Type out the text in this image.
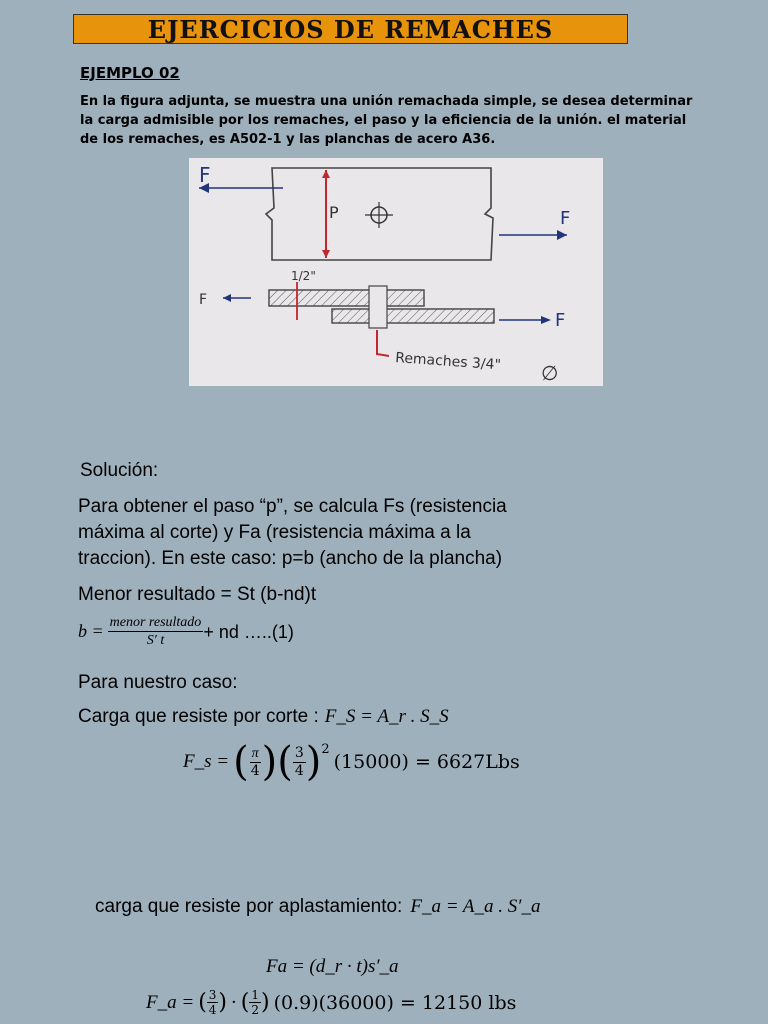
EJERCICIOS DE REMACHES
EJEMPLO 02
En la figura adjunta, se muestra una unión remachada simple, se desea determinar
la carga admisible por los remaches, el paso y la eficiencia de la unión. el material
de los remaches, es A502-1 y las planchas de acero A36.
F
F
P
1/2"
F
F
Remaches 3/4" ∅
Solución:
Para obtener el paso “p”, se calcula Fs (resistencia
máxima al corte) y Fa (resistencia máxima a la
traccion). En este caso: p=b (ancho de la plancha)
Menor resultado = St (b-nd)t
$b = \frac{\text{menor resultado}}{S' t}$ + nd …..(1)
Para nuestro caso:
Carga que resiste por corte : F_S = A_r . S_S
F_s = ( $\frac{\pi}{4}$ ) ( $\frac{3}{4} )^2$
(15000) = 6627Lbs
carga que resiste por aplastamiento: F_a = A_a . S′_a
Fa = (d_r · t)s′_a
F_a = ( $\frac{3}{4}$ ) · ( $\frac{1}{2}$ ) (0.9)(36000) = 12150 lbs
